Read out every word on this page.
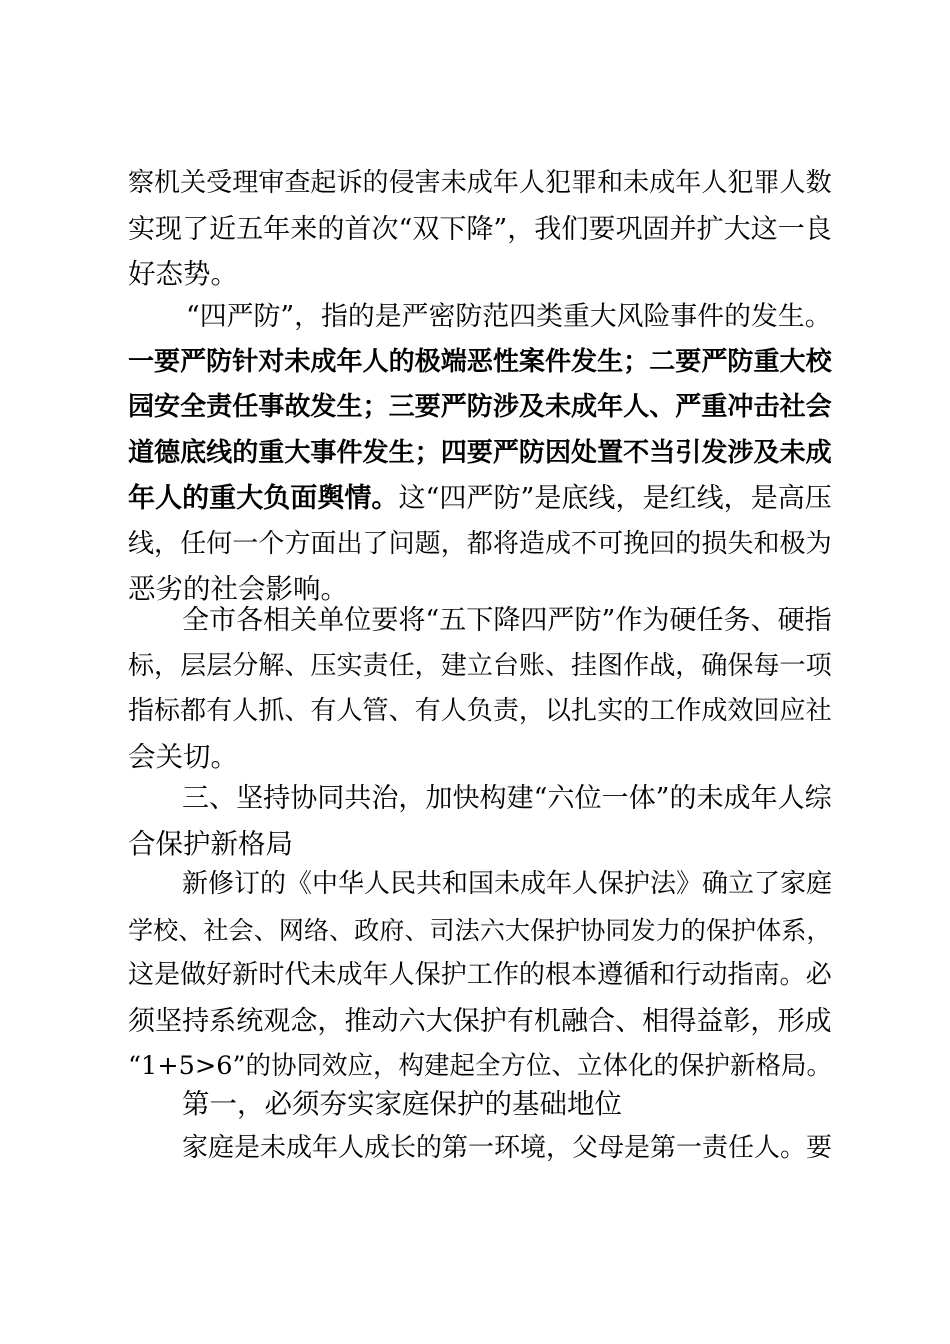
察机关受理审查起诉的侵害未成年人犯罪和未成年人犯罪人数
实现了近五年来的首次“双下降”，我们要巩固并扩大这一良
好态势。
“四严防”，指的是严密防范四类重大风险事件的发生。
一要严防针对未成年人的极端恶性案件发生；二要严防重大校
园安全责任事故发生；三要严防涉及未成年人、严重冲击社会
道德底线的重大事件发生；四要严防因处置不当引发涉及未成
年人的重大负面舆情。这“四严防”是底线，是红线，是高压
线，任何一个方面出了问题，都将造成不可挽回的损失和极为
恶劣的社会影响。
全市各相关单位要将“五下降四严防”作为硬任务、硬指
标，层层分解、压实责任，建立台账、挂图作战，确保每一项
指标都有人抓、有人管、有人负责，以扎实的工作成效回应社
会关切。
三、坚持协同共治，加快构建“六位一体”的未成年人综
合保护新格局
新修订的《中华人民共和国未成年人保护法》确立了家庭
学校、社会、网络、政府、司法六大保护协同发力的保护体系，
这是做好新时代未成年人保护工作的根本遵循和行动指南。必
须坚持系统观念，推动六大保护有机融合、相得益彰，形成
“1+5>6”的协同效应，构建起全方位、立体化的保护新格局。
第一，必须夯实家庭保护的基础地位
家庭是未成年人成长的第一环境，父母是第一责任人。要
